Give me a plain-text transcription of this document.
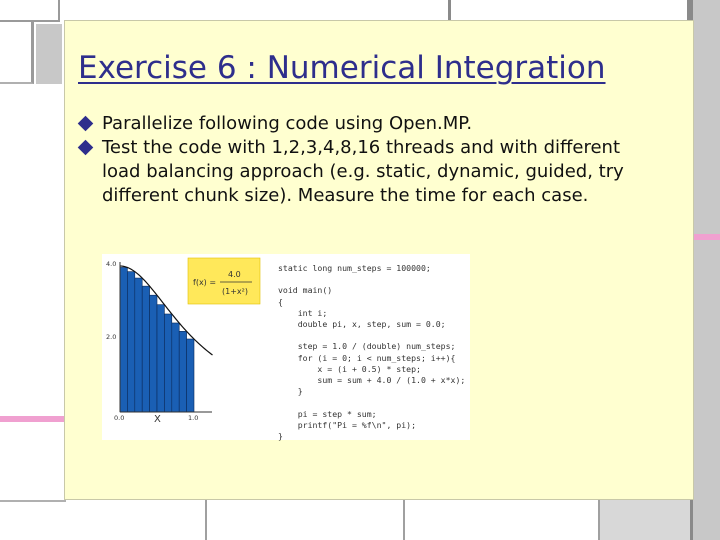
Exercise 6 : Numerical Integration
Parallelize following code using Open.MP.
Test the code with 1,2,3,4,8,16 threads and with different load balancing approach (e.g. static, dynamic, guided, try different chunk size). Measure the time for each case.
4.0
2.0
0.0	1.0
X
f(x) =
4.0
(1+x²)
static long num_steps = 100000;

void main()
{
int i;
double pi, x, step, sum = 0.0;

step = 1.0 / (double) num_steps;
for (i = 0; i < num_steps; i++){
x = (i + 0.5) * step;
sum = sum + 4.0 / (1.0 + x*x);
}

pi = step * sum;
printf("Pi = %f\n", pi);
}
